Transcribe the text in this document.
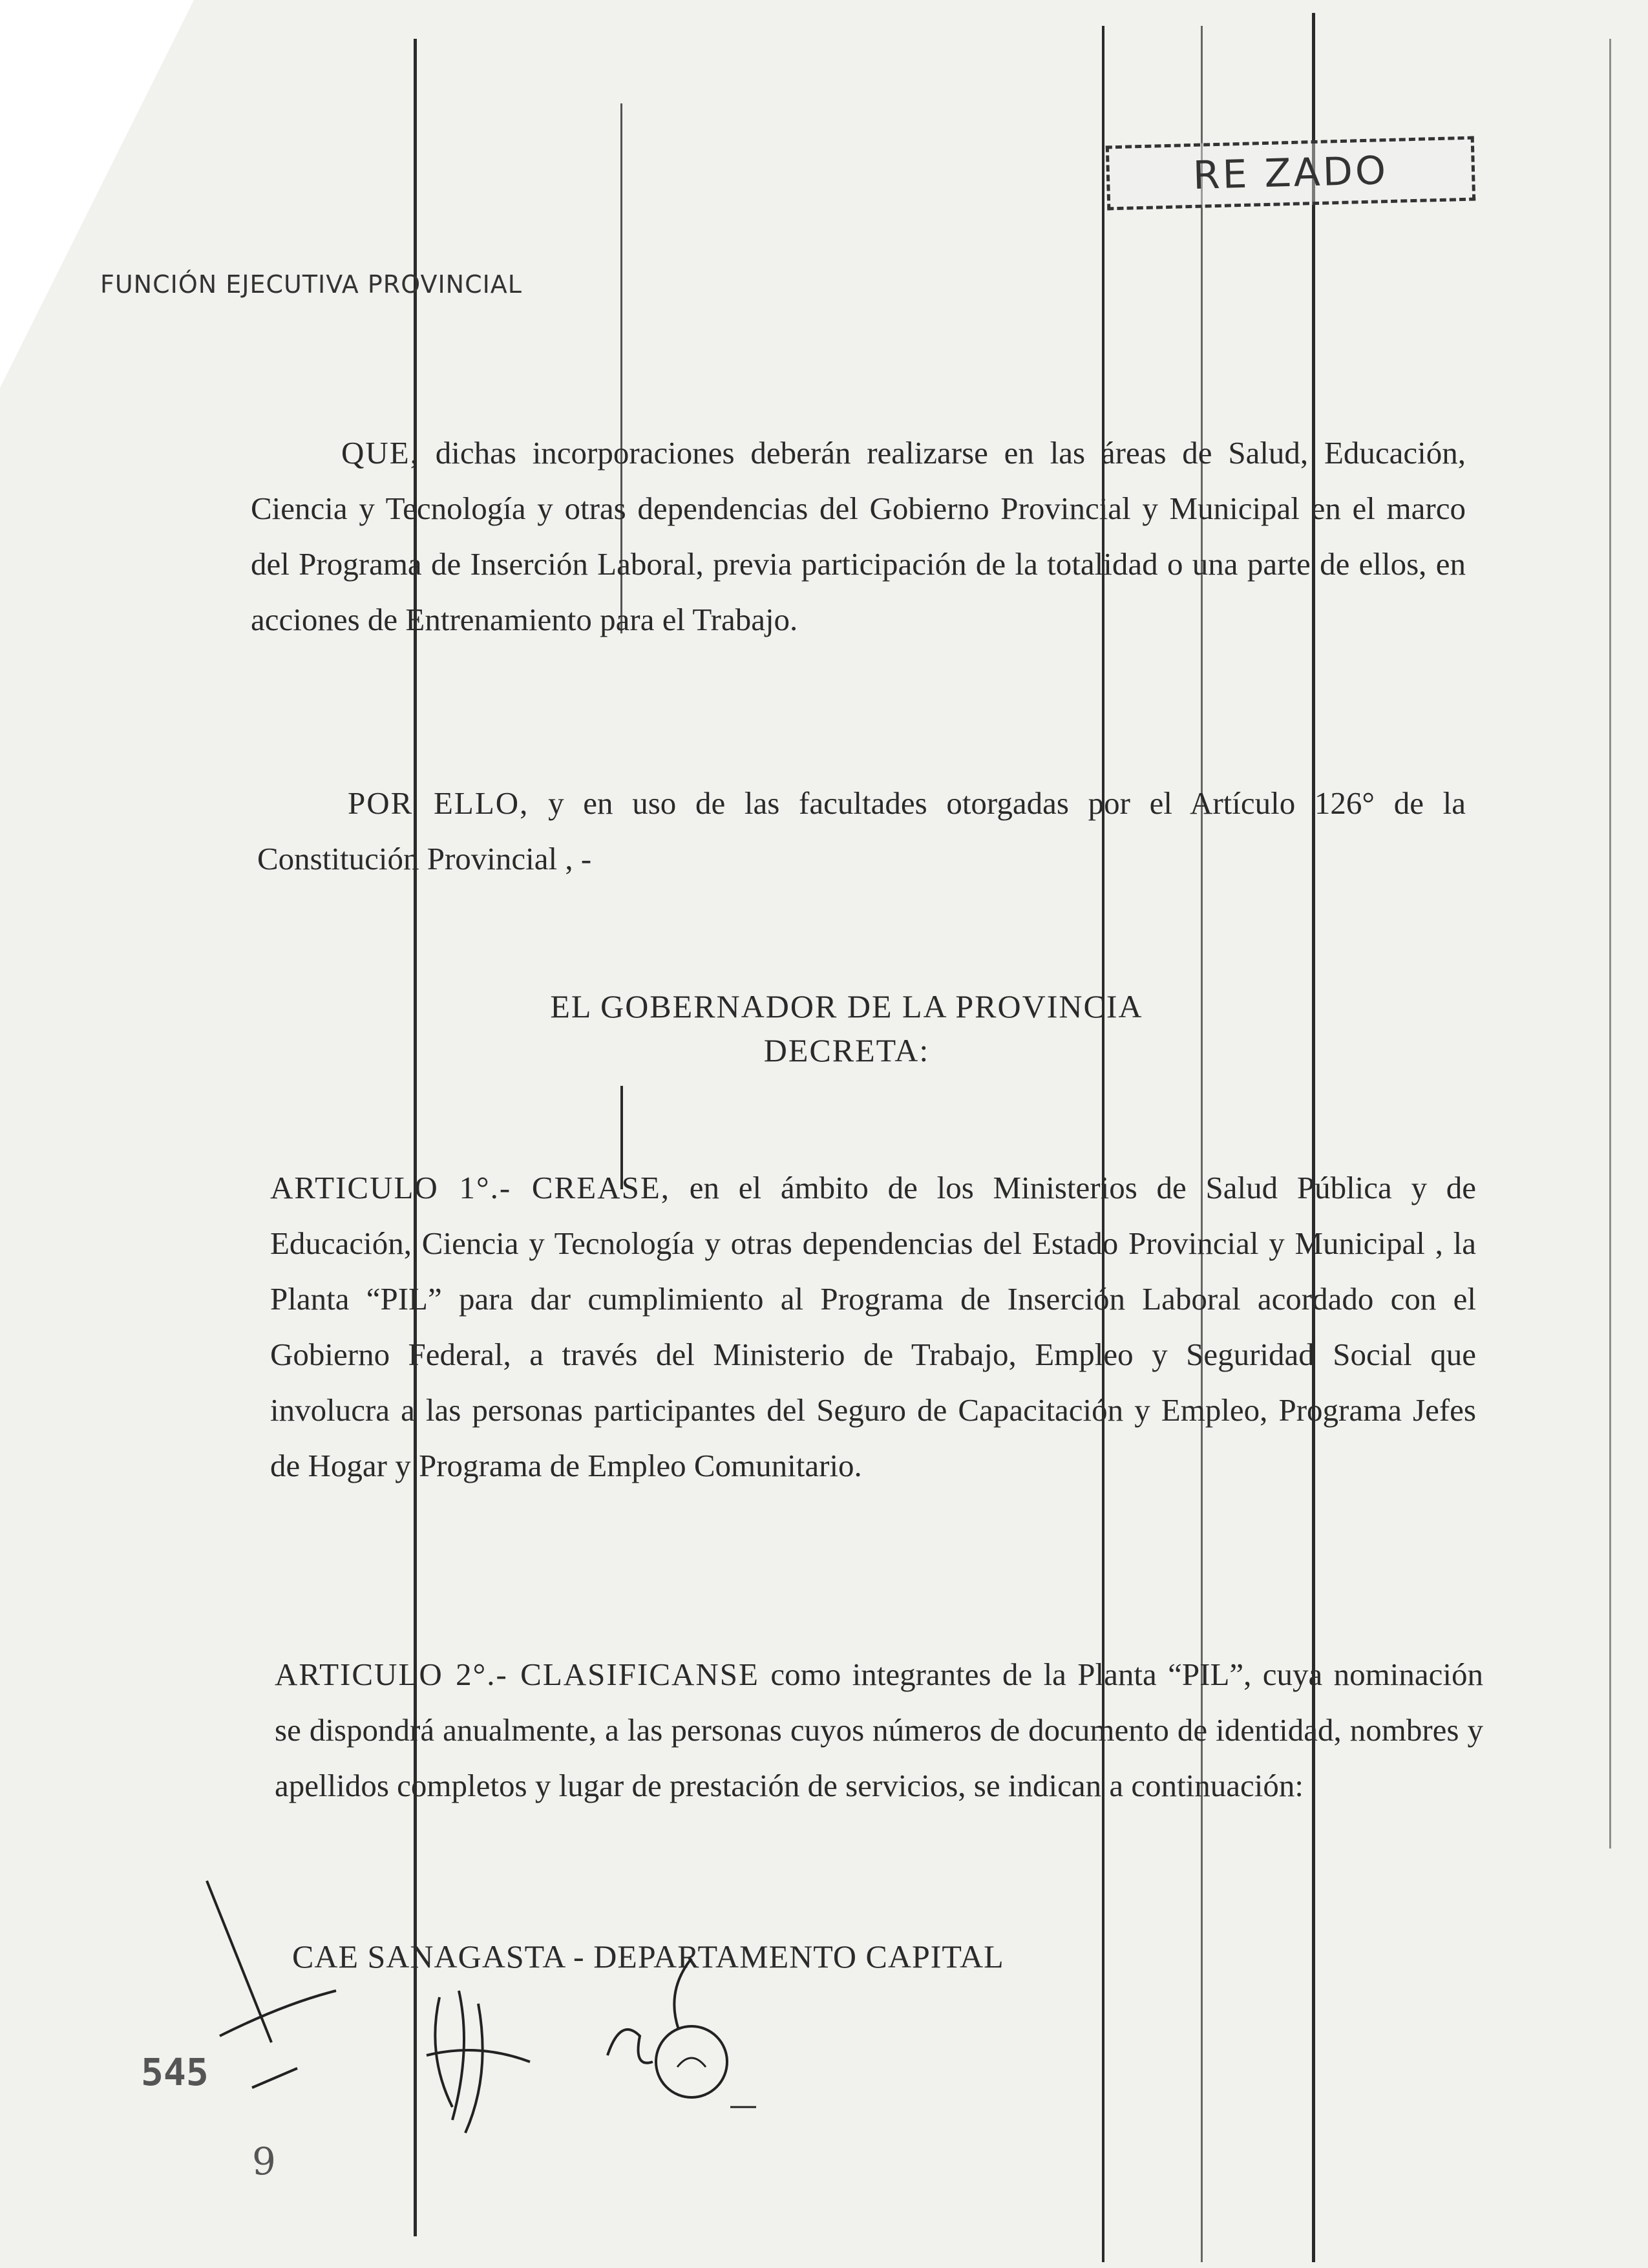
RE ZADO
FUNCIÓN EJECUTIVA PROVINCIAL
QUE, dichas incorporaciones deberán realizarse en las áreas de Salud, Educación, Ciencia y Tecnología y otras dependencias del Gobierno Provincial y Municipal en el marco del Programa de Inserción Laboral, previa participación de la totalidad o una parte de ellos, en acciones de Entrenamiento para el Trabajo.
POR ELLO, y en uso de las facultades otorgadas por el Artículo 126° de la Constitución Provincial , -
EL GOBERNADOR DE LA PROVINCIA
DECRETA:
ARTICULO 1°.- CREASE, en el ámbito de los Ministerios de Salud Pública y de Educación, Ciencia y Tecnología y otras dependencias del Estado Provincial y Municipal , la Planta “PIL” para dar cumplimiento al Programa de Inserción Laboral acordado con el Gobierno Federal, a través del Ministerio de Trabajo, Empleo y Seguridad Social que involucra a las personas participantes del Seguro de Capacitación y Empleo, Programa Jefes de Hogar y Programa de Empleo Comunitario.
ARTICULO 2°.- CLASIFICANSE como integrantes de la Planta “PIL”, cuya nominación se dispondrá anualmente, a las personas cuyos números de documento de identidad, nombres y apellidos completos y lugar de prestación de servicios, se indican a continuación:
CAE SANAGASTA - DEPARTAMENTO CAPITAL
545
9
